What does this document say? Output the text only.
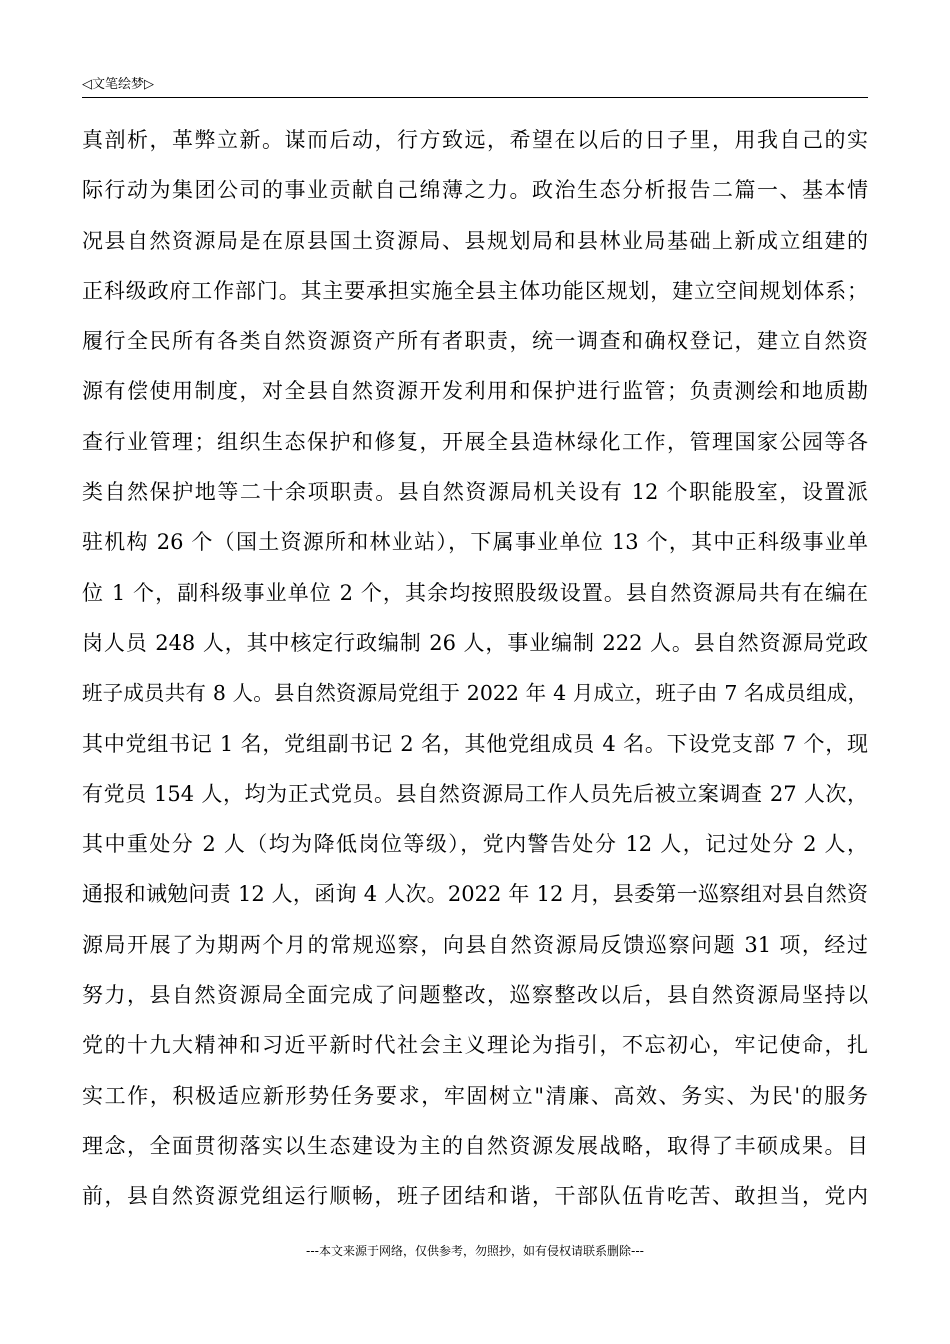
◁文笔绘梦▷
真剖析，革弊立新。谋而后动，行方致远，希望在以后的日子里，用我自己的实
际行动为集团公司的事业贡献自己绵薄之力。政治生态分析报告二篇一、基本情
况县自然资源局是在原县国土资源局、县规划局和县林业局基础上新成立组建的
正科级政府工作部门。其主要承担实施全县主体功能区规划，建立空间规划体系；
履行全民所有各类自然资源资产所有者职责，统一调查和确权登记，建立自然资
源有偿使用制度，对全县自然资源开发利用和保护进行监管；负责测绘和地质勘
查行业管理；组织生态保护和修复，开展全县造林绿化工作，管理国家公园等各
类自然保护地等二十余项职责。县自然资源局机关设有 12 个职能股室，设置派
驻机构 26 个（国土资源所和林业站），下属事业单位 13 个，其中正科级事业单
位 1 个，副科级事业单位 2 个，其余均按照股级设置。县自然资源局共有在编在
岗人员 248 人，其中核定行政编制 26 人，事业编制 222 人。县自然资源局党政
班子成员共有 8 人。县自然资源局党组于 2022 年 4 月成立，班子由 7 名成员组成，
其中党组书记 1 名，党组副书记 2 名，其他党组成员 4 名。下设党支部 7 个，现
有党员 154 人，均为正式党员。县自然资源局工作人员先后被立案调查 27 人次，
其中重处分 2 人（均为降低岗位等级），党内警告处分 12 人，记过处分 2 人，
通报和诫勉问责 12 人，函询 4 人次。2022 年 12 月，县委第一巡察组对县自然资
源局开展了为期两个月的常规巡察，向县自然资源局反馈巡察问题 31 项，经过
努力，县自然资源局全面完成了问题整改，巡察整改以后，县自然资源局坚持以
党的十九大精神和习近平新时代社会主义理论为指引，不忘初心，牢记使命，扎
实工作，积极适应新形势任务要求，牢固树立"清廉、高效、务实、为民'的服务
理念，全面贯彻落实以生态建设为主的自然资源发展战略，取得了丰硕成果。目
前，县自然资源党组运行顺畅，班子团结和谐，干部队伍肯吃苦、敢担当，党内
---本文来源于网络，仅供参考，勿照抄，如有侵权请联系删除---
